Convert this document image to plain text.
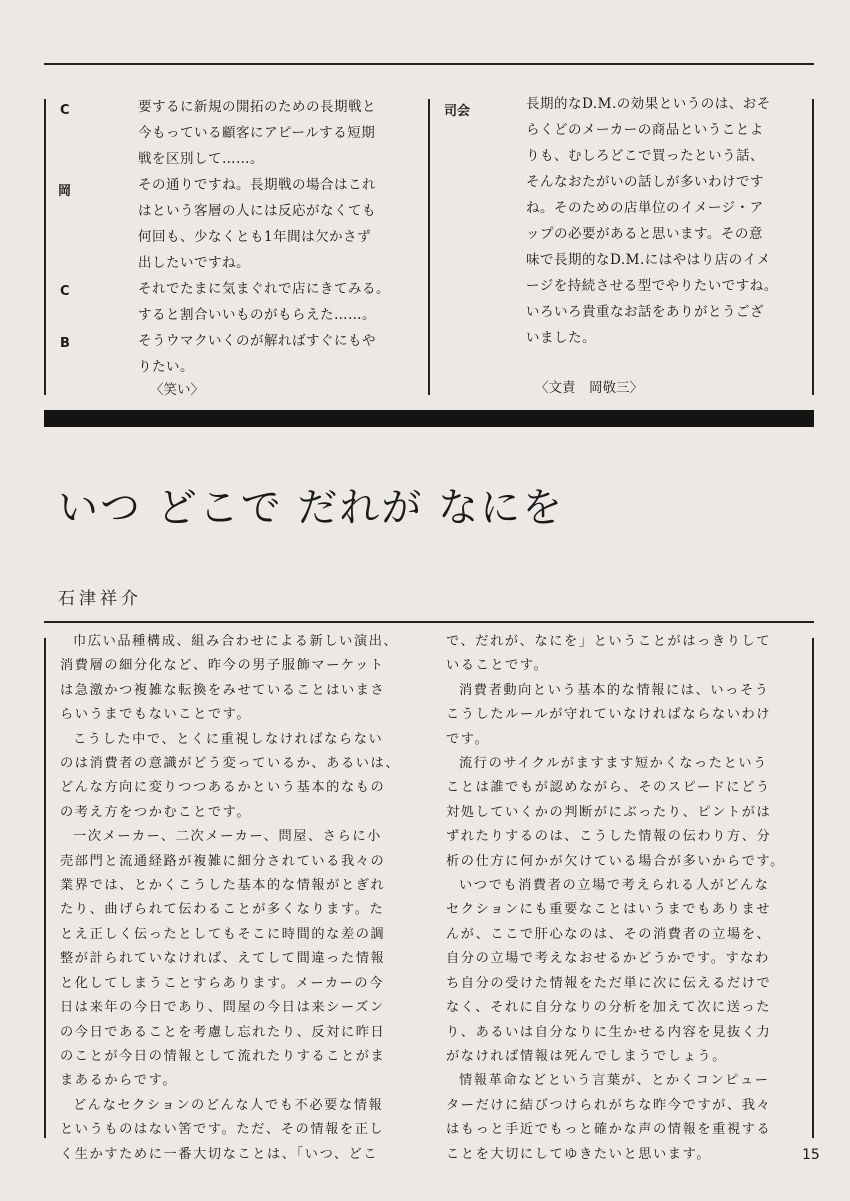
C
岡
C
B
要するに新規の開拓のための長期戦と
今もっている顧客にアピールする短期
戦を区別して……。
その通りですね。長期戦の場合はこれ
はという客層の人には反応がなくても
何回も、少なくとも1年間は欠かさず
出したいですね。
それでたまに気まぐれで店にきてみる。
すると割合いいものがもらえた……。
そうウマクいくのが解ればすぐにもや
りたい。
〈笑い〉
司会	長期的なD.M.の効果というのは、おそ
らくどのメーカーの商品ということよ
りも、むしろどこで買ったという話、
そんなおたがいの話しが多いわけです
ね。そのための店単位のイメージ・ア
ップの必要があると思います。その意
味で長期的なD.M.にはやはり店のイメ
ージを持続させる型でやりたいですね。
いろいろ貴重なお話をありがとうござ
いました。
〈文責　岡敬三〉
いつ どこで だれが なにを
石津祥介

巾広い品種構成、組み合わせによる新しい演出、

消費層の細分化など、昨今の男子服飾マーケット

は急激かつ複雑な転換をみせていることはいまさ

らいうまでもないことです。

こうした中で、とくに重視しなければならない

のは消費者の意識がどう変っているか、あるいは、

どんな方向に変りつつあるかという基本的なもの

の考え方をつかむことです。

一次メーカー、二次メーカー、問屋、さらに小

売部門と流通経路が複雑に細分されている我々の

業界では、とかくこうした基本的な情報がとぎれ

たり、曲げられて伝わることが多くなります。た

とえ正しく伝ったとしてもそこに時間的な差の調

整が計られていなければ、えてして間違った情報

と化してしまうことすらあります。メーカーの今

日は来年の今日であり、問屋の今日は来シーズン

の今日であることを考慮し忘れたり、反対に昨日

のことが今日の情報として流れたりすることがま

まあるからです。

どんなセクションのどんな人でも不必要な情報

というものはない筈です。ただ、その情報を正し

く生かすために一番大切なことは、「いつ、どこ

で、だれが、なにを」ということがはっきりして

いることです。

消費者動向という基本的な情報には、いっそう

こうしたルールが守れていなければならないわけ

です。

流行のサイクルがますます短かくなったという

ことは誰でもが認めながら、そのスピードにどう

対処していくかの判断がにぶったり、ピントがは

ずれたりするのは、こうした情報の伝わり方、分

析の仕方に何かが欠けている場合が多いからです。

いつでも消費者の立場で考えられる人がどんな

セクションにも重要なことはいうまでもありませ

んが、ここで肝心なのは、その消費者の立場を、

自分の立場で考えなおせるかどうかです。すなわ

ち自分の受けた情報をただ単に次に伝えるだけで

なく、それに自分なりの分析を加えて次に送った

り、あるいは自分なりに生かせる内容を見抜く力

がなければ情報は死んでしまうでしょう。

情報革命などという言葉が、とかくコンピュー

ターだけに結びつけられがちな昨今ですが、我々

はもっと手近でもっと確かな声の情報を重視する

ことを大切にしてゆきたいと思います。	15
